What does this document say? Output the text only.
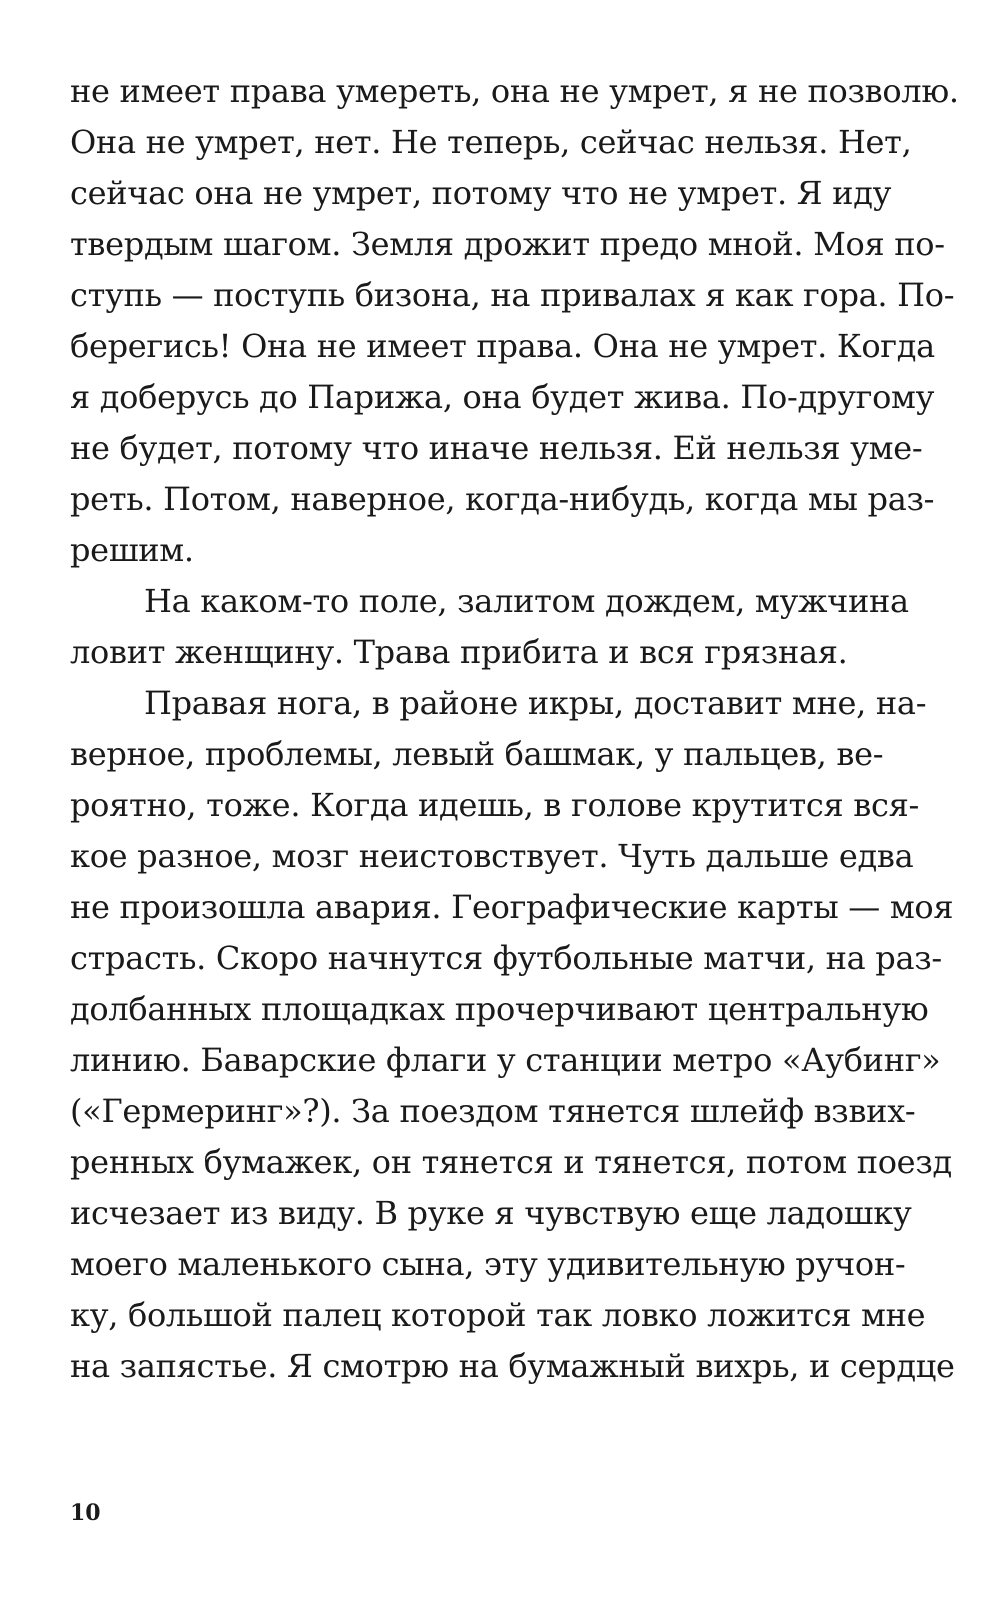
не имеет права умереть, она не умрет, я не позволю.
Она не умрет, нет. Не теперь, сейчас нельзя. Нет,
сейчас она не умрет, потому что не умрет. Я иду
твердым шагом. Земля дрожит предо мной. Моя по-
ступь — поступь бизона, на привалах я как гора. По-
берегись! Она не имеет права. Она не умрет. Когда
я доберусь до Парижа, она будет жива. По-другому
не будет, потому что иначе нельзя. Ей нельзя уме-
реть. Потом, наверное, когда-нибудь, когда мы раз-
решим.
На каком-то поле, залитом дождем, мужчина
ловит женщину. Трава прибита и вся грязная.
Правая нога, в районе икры, доставит мне, на-
верное, проблемы, левый башмак, у пальцев, ве-
роятно, тоже. Когда идешь, в голове крутится вся-
кое разное, мозг неистовствует. Чуть дальше едва
не произошла авария. Географические карты — моя
страсть. Скоро начнутся футбольные матчи, на раз-
долбанных площадках прочерчивают центральную
линию. Баварские флаги у станции метро «Аубинг»
(«Гермеринг»?). За поездом тянется шлейф взвих-
ренных бумажек, он тянется и тянется, потом поезд
исчезает из виду. В руке я чувствую еще ладошку
моего маленького сына, эту удивительную ручон-
ку, большой палец которой так ловко ложится мне
на запястье. Я смотрю на бумажный вихрь, и сердце
10
